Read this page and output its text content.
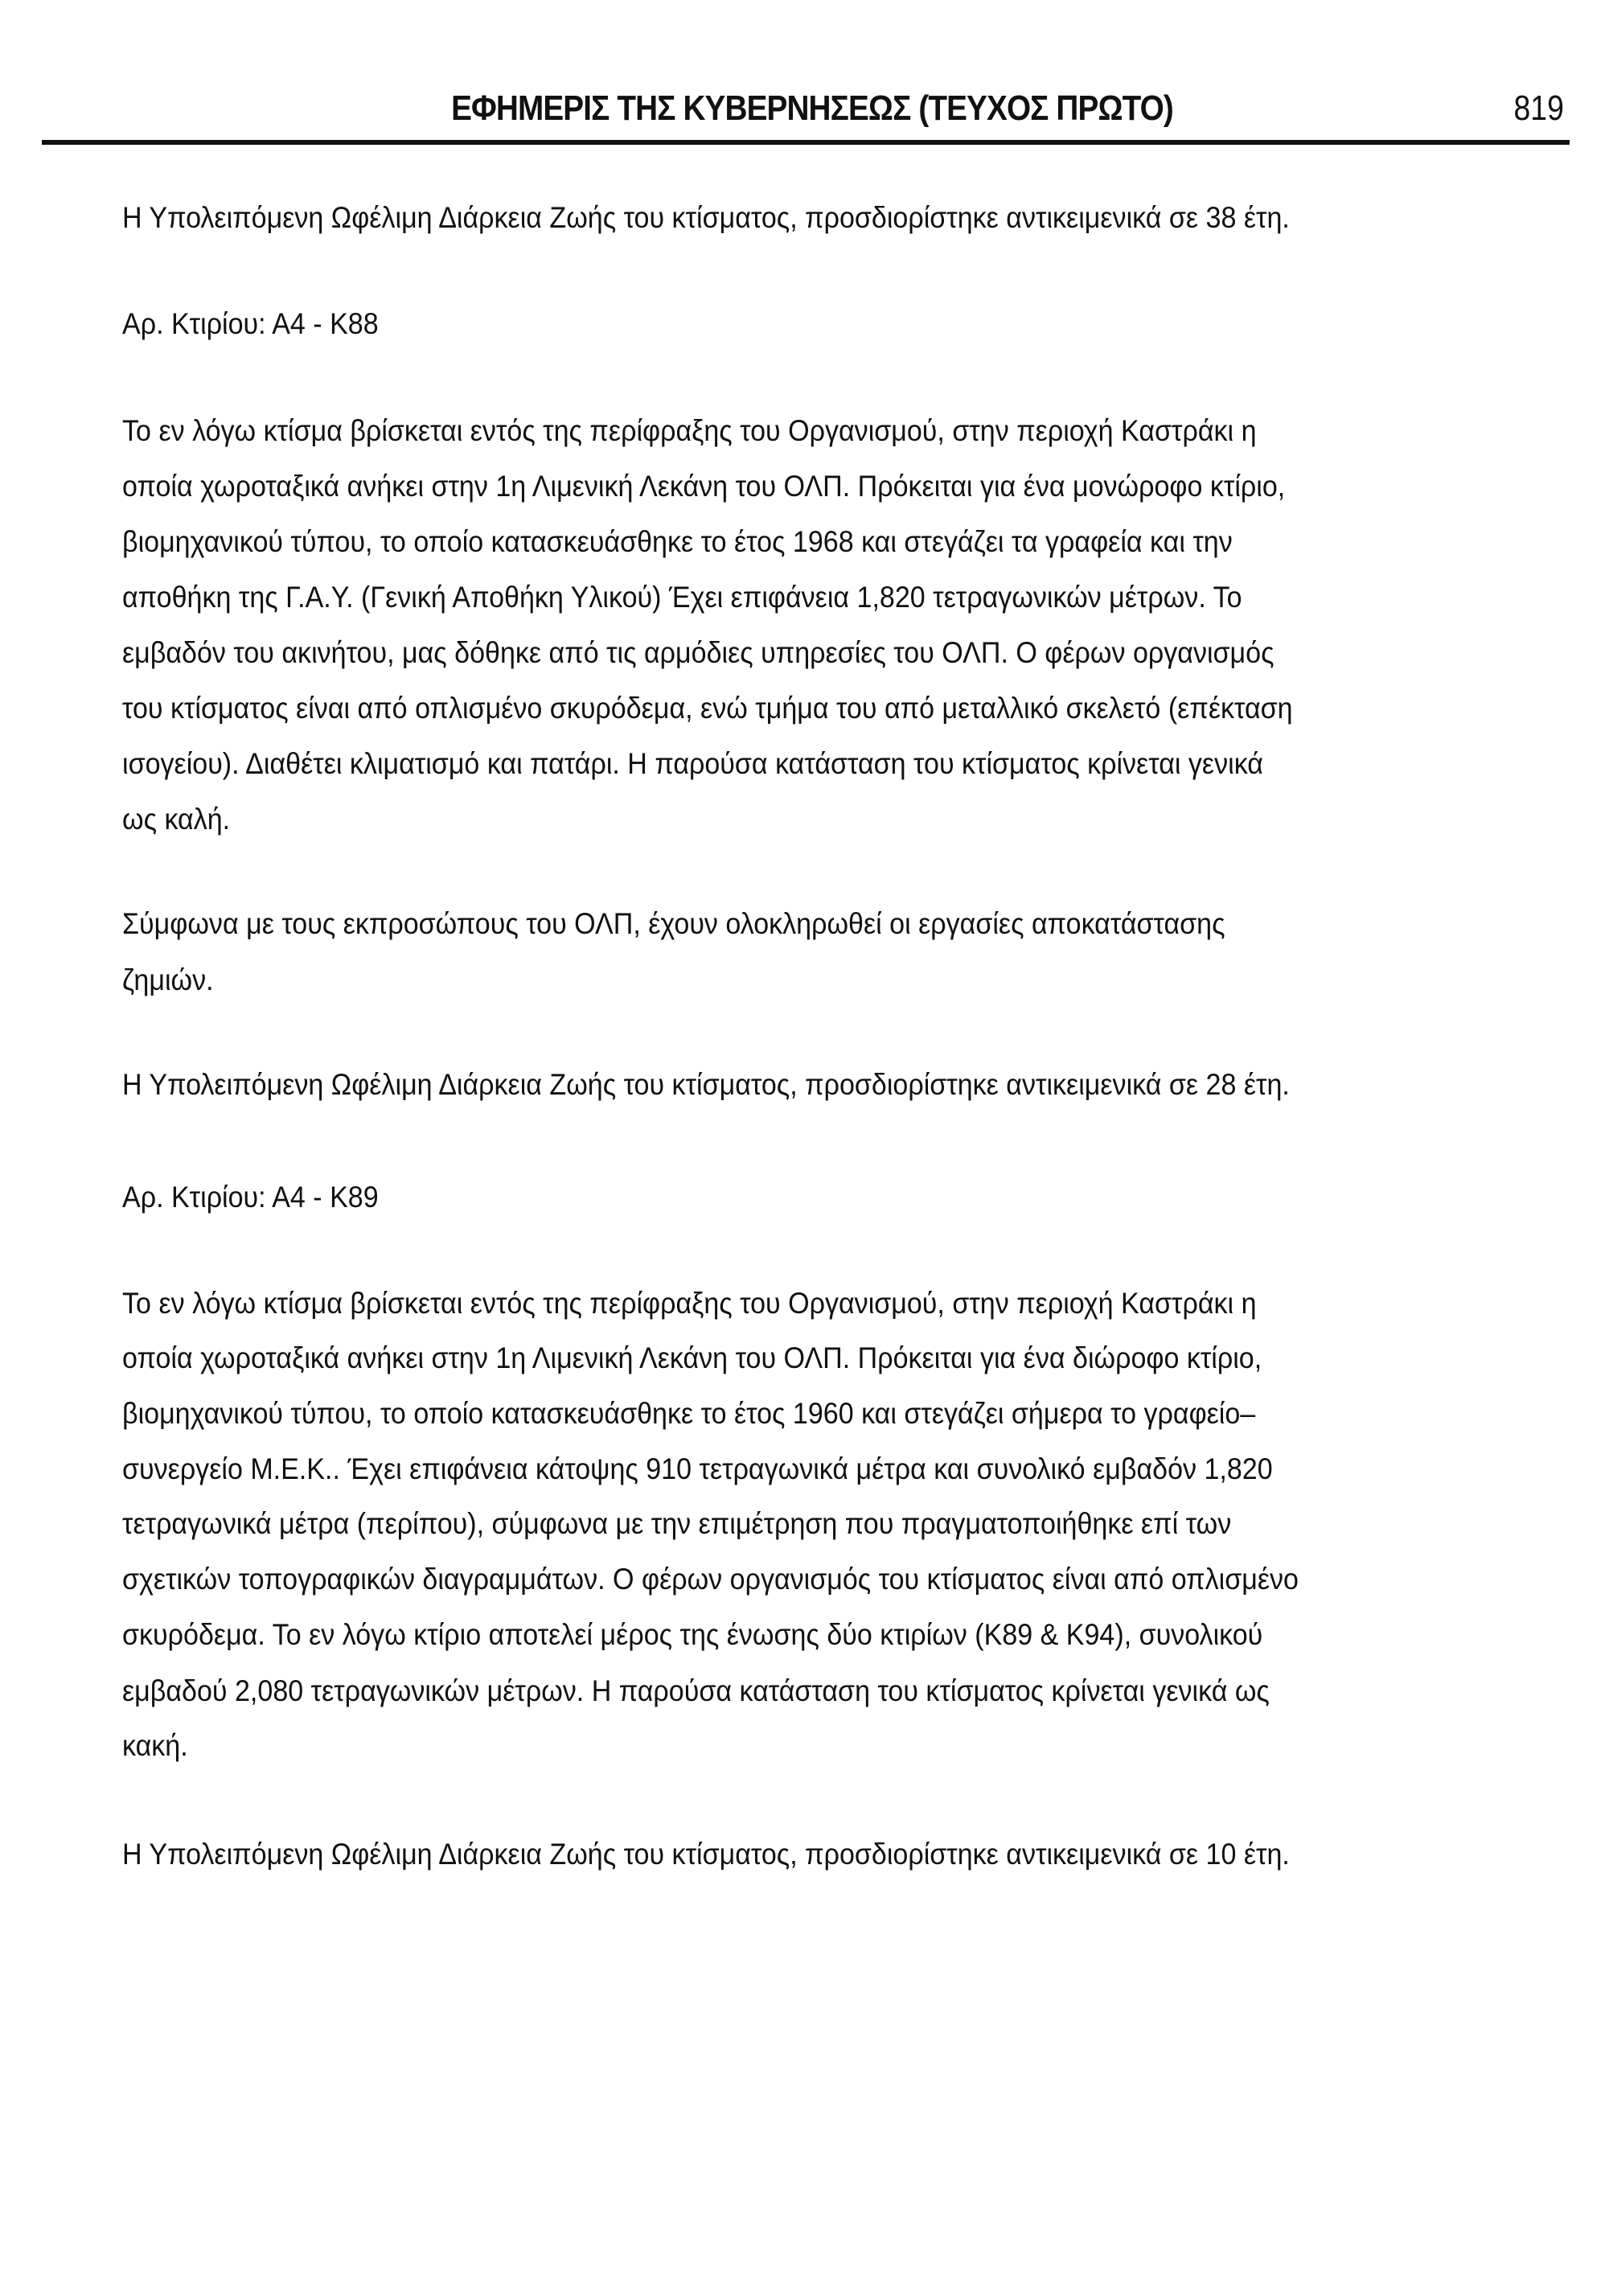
ΕΦΗΜΕΡΙΣ ΤΗΣ ΚΥΒΕΡΝΗΣΕΩΣ (ΤΕΥΧΟΣ ΠΡΩΤΟ)	819
Η Υπολειπόμενη Ωφέλιμη Διάρκεια Ζωής του κτίσματος, προσδιορίστηκε αντικειμενικά σε 38 έτη.
Αρ. Κτιρίου: Α4 - Κ88
Το εν λόγω κτίσμα βρίσκεται εντός της περίφραξης του Οργανισμού, στην περιοχή Καστράκι η
οποία χωροταξικά ανήκει στην 1η Λιμενική Λεκάνη του ΟΛΠ. Πρόκειται για ένα μονώροφο κτίριο,
βιομηχανικού τύπου, το οποίο κατασκευάσθηκε το έτος 1968 και στεγάζει τα γραφεία και την
αποθήκη της Γ.Α.Υ. (Γενική Αποθήκη Υλικού) Έχει επιφάνεια 1,820 τετραγωνικών μέτρων. Το
εμβαδόν του ακινήτου, μας δόθηκε από τις αρμόδιες υπηρεσίες του ΟΛΠ. Ο φέρων οργανισμός
του κτίσματος είναι από οπλισμένο σκυρόδεμα, ενώ τμήμα του από μεταλλικό σκελετό (επέκταση
ισογείου). Διαθέτει κλιματισμό και πατάρι. Η παρούσα κατάσταση του κτίσματος κρίνεται γενικά
ως καλή.
Σύμφωνα με τους εκπροσώπους του ΟΛΠ, έχουν ολοκληρωθεί οι εργασίες αποκατάστασης
ζημιών.
Η Υπολειπόμενη Ωφέλιμη Διάρκεια Ζωής του κτίσματος, προσδιορίστηκε αντικειμενικά σε 28 έτη.
Αρ. Κτιρίου: Α4 - Κ89
Το εν λόγω κτίσμα βρίσκεται εντός της περίφραξης του Οργανισμού, στην περιοχή Καστράκι η
οποία χωροταξικά ανήκει στην 1η Λιμενική Λεκάνη του ΟΛΠ. Πρόκειται για ένα διώροφο κτίριο,
βιομηχανικού τύπου, το οποίο κατασκευάσθηκε το έτος 1960 και στεγάζει σήμερα το γραφείο–
συνεργείο Μ.Ε.Κ.. Έχει επιφάνεια κάτοψης 910 τετραγωνικά μέτρα και συνολικό εμβαδόν 1,820
τετραγωνικά μέτρα (περίπου), σύμφωνα με την επιμέτρηση που πραγματοποιήθηκε επί των
σχετικών τοπογραφικών διαγραμμάτων. Ο φέρων οργανισμός του κτίσματος είναι από οπλισμένο
σκυρόδεμα. Το εν λόγω κτίριο αποτελεί μέρος της ένωσης δύο κτιρίων (Κ89 & Κ94), συνολικού
εμβαδού 2,080 τετραγωνικών μέτρων. Η παρούσα κατάσταση του κτίσματος κρίνεται γενικά ως
κακή.
Η Υπολειπόμενη Ωφέλιμη Διάρκεια Ζωής του κτίσματος, προσδιορίστηκε αντικειμενικά σε 10 έτη.
